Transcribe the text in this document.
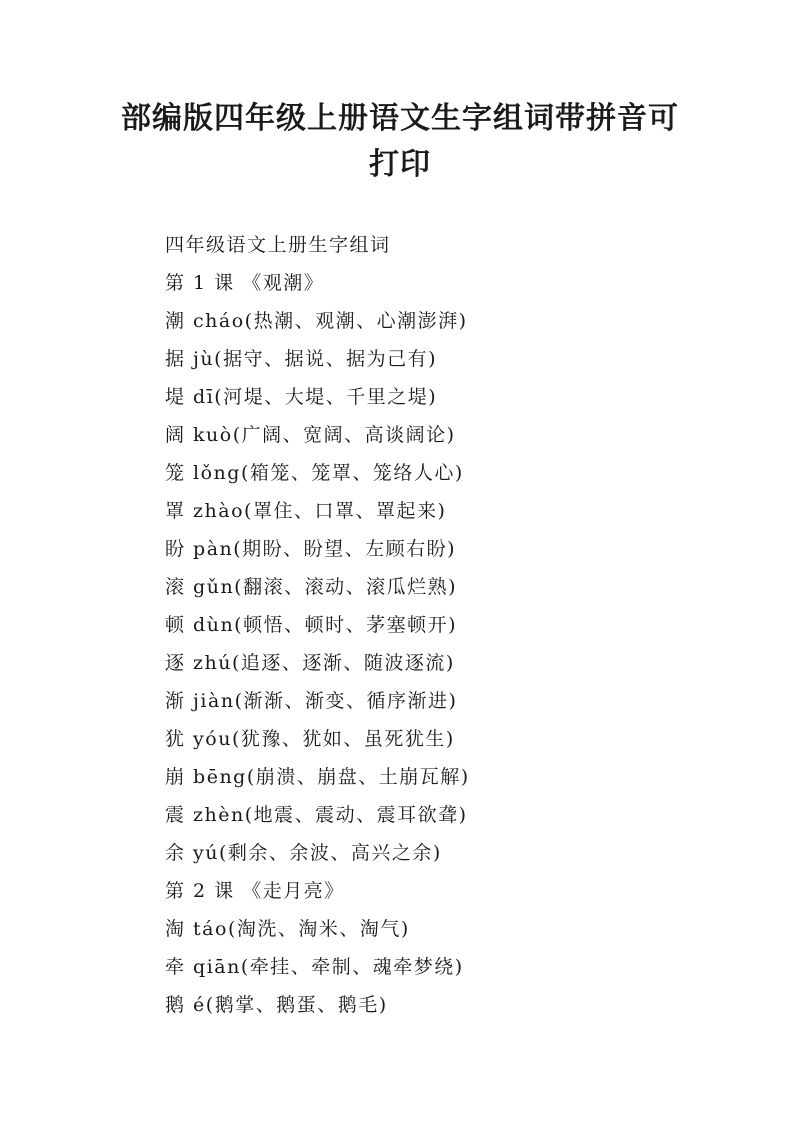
部编版四年级上册语文生字组词带拼音可
打印
四年级语文上册生字组词
第 1 课 《观潮》
潮 cháo(热潮、观潮、心潮澎湃)
据 jù(据守、据说、据为己有)
堤 dī(河堤、大堤、千里之堤)
阔 kuò(广阔、宽阔、高谈阔论)
笼 lǒng(箱笼、笼罩、笼络人心)
罩 zhào(罩住、口罩、罩起来)
盼 pàn(期盼、盼望、左顾右盼)
滚 gǔn(翻滚、滚动、滚瓜烂熟)
顿 dùn(顿悟、顿时、茅塞顿开)
逐 zhú(追逐、逐渐、随波逐流)
渐 jiàn(渐渐、渐变、循序渐进)
犹 yóu(犹豫、犹如、虽死犹生)
崩 bēng(崩溃、崩盘、土崩瓦解)
震 zhèn(地震、震动、震耳欲聋)
余 yú(剩余、余波、高兴之余)
第 2 课 《走月亮》
淘 táo(淘洗、淘米、淘气)
牵 qiān(牵挂、牵制、魂牵梦绕)
鹅 é(鹅掌、鹅蛋、鹅毛)
